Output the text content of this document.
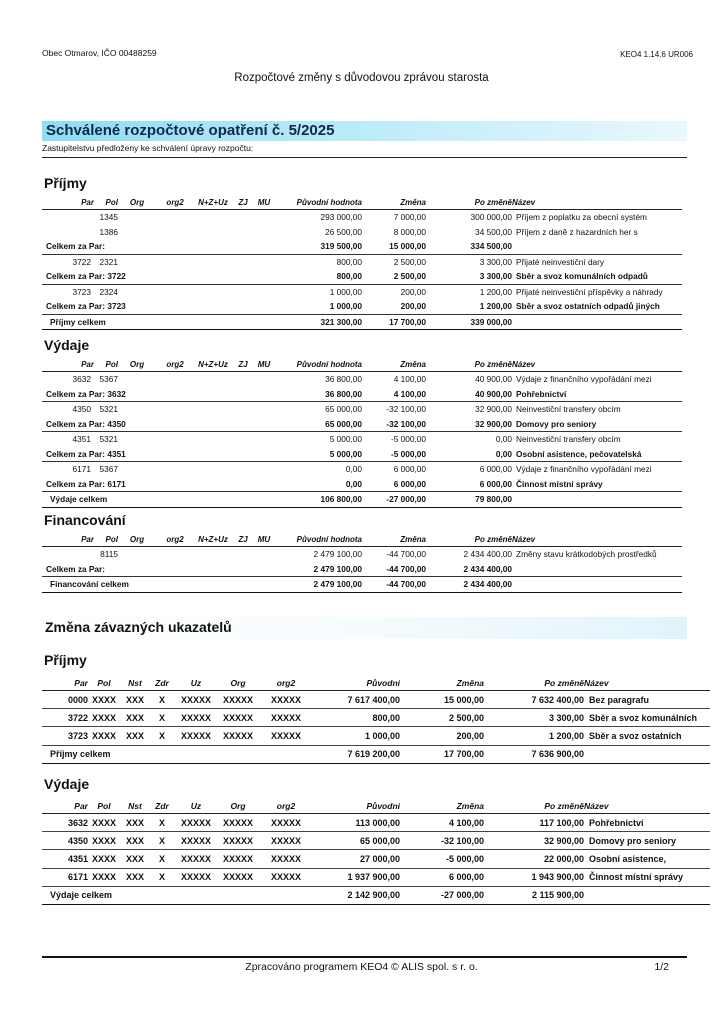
Obec Otmarov, IČO 00488259	KEO4 1.14.6 UR006
Rozpočtové změny s důvodovou zprávou starosta
Schválené rozpočtové opatření č. 5/2025
Zastupitelstvu předloženy ke schválení úpravy rozpočtu:
Příjmy
Par	Pol	Org	org2	N+Z+Uz	ZJ	MU	Původní hodnota	Změna	Po změně	Název
	1345						293 000,00	7 000,00	300 000,00	Příjem z poplatku za obecní systém
	1386						26 500,00	8 000,00	34 500,00	Příjem z daně z hazardních her s
Celkem za Par:							319 500,00	15 000,00	334 500,00	
3722	2321						800,00	2 500,00	3 300,00	Přijaté neinvestiční dary
Celkem za Par: 3722							800,00	2 500,00	3 300,00	Sběr a svoz komunálních odpadů
3723	2324						1 000,00	200,00	1 200,00	Přijaté neinvestiční příspěvky a náhrady
Celkem za Par: 3723							1 000,00	200,00	1 200,00	Sběr a svoz ostatních odpadů jiných
Příjmy celkem							321 300,00	17 700,00	339 000,00	
Výdaje
Par	Pol	Org	org2	N+Z+Uz	ZJ	MU	Původní hodnota	Změna	Po změně	Název
3632	5367						36 800,00	4 100,00	40 900,00	Výdaje z finančního vypořádání mezi
Celkem za Par: 3632							36 800,00	4 100,00	40 900,00	Pohřebnictví
4350	5321						65 000,00	-32 100,00	32 900,00	Neinvestiční transfery obcím
Celkem za Par: 4350							65 000,00	-32 100,00	32 900,00	Domovy pro seniory
4351	5321						5 000,00	-5 000,00	0,00	Neinvestiční transfery obcím
Celkem za Par: 4351							5 000,00	-5 000,00	0,00	Osobní asistence, pečovatelská
6171	5367						0,00	6 000,00	6 000,00	Výdaje z finančního vypořádání mezi
Celkem za Par: 6171							0,00	6 000,00	6 000,00	Činnost místní správy
Výdaje celkem							106 800,00	-27 000,00	79 800,00	
Financování
Par	Pol	Org	org2	N+Z+Uz	ZJ	MU	Původní hodnota	Změna	Po změně	Název
	8115						2 479 100,00	-44 700,00	2 434 400,00	Změny stavu krátkodobých prostředků
Celkem za Par:							2 479 100,00	-44 700,00	2 434 400,00	
Financování celkem							2 479 100,00	-44 700,00	2 434 400,00	
Změna závazných ukazatelů
Příjmy
Par	Pol	Nst	Zdr	Uz	Org	org2	Původní	Změna	Po změně	Název
0000	XXXX	XXX	X	XXXXX	XXXXX	XXXXX	7 617 400,00	15 000,00	7 632 400,00	Bez paragrafu
3722	XXXX	XXX	X	XXXXX	XXXXX	XXXXX	800,00	2 500,00	3 300,00	Sběr a svoz komunálních
3723	XXXX	XXX	X	XXXXX	XXXXX	XXXXX	1 000,00	200,00	1 200,00	Sběr a svoz ostatních
Příjmy celkem							7 619 200,00	17 700,00	7 636 900,00	
Výdaje
Par	Pol	Nst	Zdr	Uz	Org	org2	Původní	Změna	Po změně	Název
3632	XXXX	XXX	X	XXXXX	XXXXX	XXXXX	113 000,00	4 100,00	117 100,00	Pohřebnictví
4350	XXXX	XXX	X	XXXXX	XXXXX	XXXXX	65 000,00	-32 100,00	32 900,00	Domovy pro seniory
4351	XXXX	XXX	X	XXXXX	XXXXX	XXXXX	27 000,00	-5 000,00	22 000,00	Osobní asistence,
6171	XXXX	XXX	X	XXXXX	XXXXX	XXXXX	1 937 900,00	6 000,00	1 943 900,00	Činnost místní správy
Výdaje celkem							2 142 900,00	-27 000,00	2 115 900,00	
Zpracováno programem KEO4 © ALIS spol. s r. o.	1/2
